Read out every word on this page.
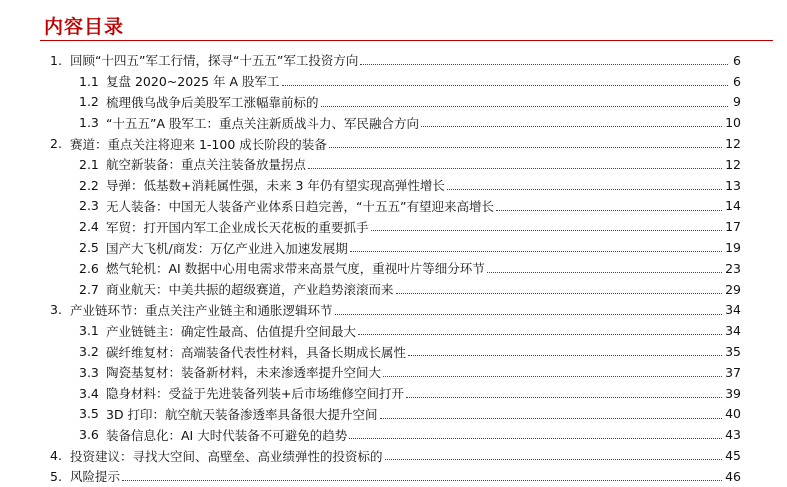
内容目录
1. 回顾“十四五”军工行情，探寻“十五五”军工投资方向	6
1.1 复盘 2020~2025 年 A 股军工	6
1.2 梳理俄乌战争后美股军工涨幅靠前标的	9
1.3 “十五五”A 股军工：重点关注新质战斗力、军民融合方向	10
2. 赛道：重点关注将迎来 1-100 成长阶段的装备	12
2.1 航空新装备：重点关注装备放量拐点	12
2.2 导弹：低基数+消耗属性强，未来 3 年仍有望实现高弹性增长	13
2.3 无人装备：中国无人装备产业体系日趋完善，“十五五”有望迎来高增长	14
2.4 军贸：打开国内军工企业成长天花板的重要抓手	17
2.5 国产大飞机/商发：万亿产业进入加速发展期	19
2.6 燃气轮机：AI 数据中心用电需求带来高景气度，重视叶片等细分环节	23
2.7 商业航天：中美共振的超级赛道，产业趋势滚滚而来	29
3. 产业链环节：重点关注产业链主和通胀逻辑环节	34
3.1 产业链链主：确定性最高、估值提升空间最大	34
3.2 碳纤维复材：高端装备代表性材料，具备长期成长属性	35
3.3 陶瓷基复材：装备新材料，未来渗透率提升空间大	37
3.4 隐身材料：受益于先进装备列装+后市场维修空间打开	39
3.5 3D 打印：航空航天装备渗透率具备很大提升空间	40
3.6 装备信息化：AI 大时代装备不可避免的趋势	43
4. 投资建议：寻找大空间、高壁垒、高业绩弹性的投资标的	45
5. 风险提示	46
